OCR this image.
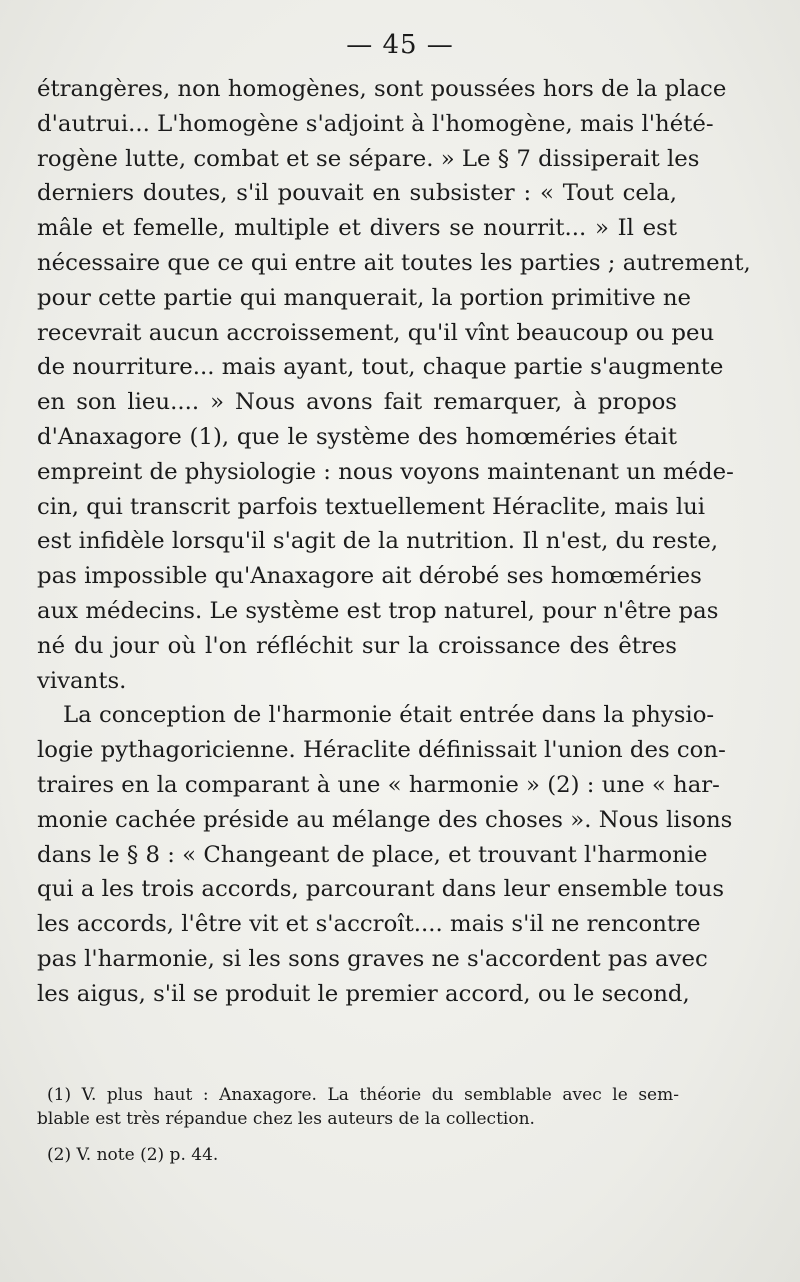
— 45 —
étrangères, non homogènes, sont poussées hors de la place
d'autrui... L'homogène s'adjoint à l'homogène, mais l'hété-
rogène lutte, combat et se sépare. » Le § 7 dissiperait les
derniers doutes, s'il pouvait en subsister : « Tout cela,
mâle et femelle, multiple et divers se nourrit... » Il est
nécessaire que ce qui entre ait toutes les parties ; autrement,
pour cette partie qui manquerait, la portion primitive ne
recevrait aucun accroissement, qu'il vînt beaucoup ou peu
de nourriture... mais ayant, tout, chaque partie s'augmente
en son lieu.... » Nous avons fait remarquer, à propos
d'Anaxagore (1), que le système des homœméries était
empreint de physiologie : nous voyons maintenant un méde-
cin, qui transcrit parfois textuellement Héraclite, mais lui
est infidèle lorsqu'il s'agit de la nutrition. Il n'est, du reste,
pas impossible qu'Anaxagore ait dérobé ses homœméries
aux médecins. Le système est trop naturel, pour n'être pas
né du jour où l'on réfléchit sur la croissance des êtres
vivants.
La conception de l'harmonie était entrée dans la physio-
logie pythagoricienne. Héraclite définissait l'union des con-
traires en la comparant à une « harmonie » (2) : une « har-
monie cachée préside au mélange des choses ». Nous lisons
dans le § 8 : « Changeant de place, et trouvant l'harmonie
qui a les trois accords, parcourant dans leur ensemble tous
les accords, l'être vit et s'accroît.... mais s'il ne rencontre
pas l'harmonie, si les sons graves ne s'accordent pas avec
les aigus, s'il se produit le premier accord, ou le second,
(1) V. plus haut : Anaxagore. La théorie du semblable avec le sem-
blable est très répandue chez les auteurs de la collection.
(2) V. note (2) p. 44.
